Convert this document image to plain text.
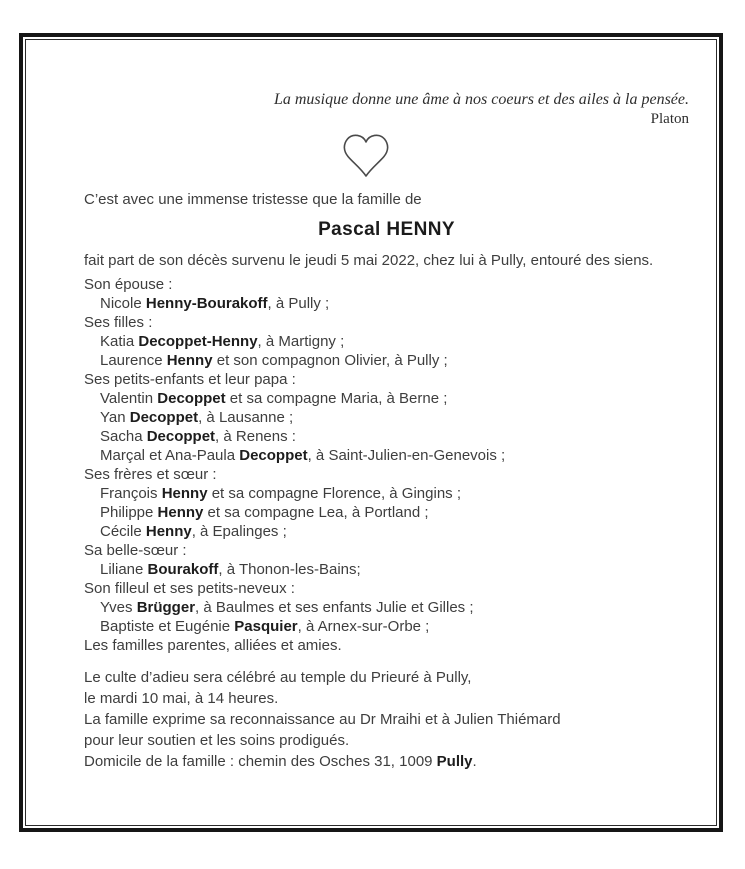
La musique donne une âme à nos coeurs et des ailes à la pensée.
Platon

C’est avec une immense tristesse que la famille de

Pascal HENNY

fait part de son décès survenu le jeudi 5 mai 2022, chez lui à Pully, entouré des siens.

Son épouse :
Nicole Henny-Bourakoff, à Pully ;
Ses filles :
Katia Decoppet-Henny, à Martigny ;
Laurence Henny et son compagnon Olivier, à Pully ;
Ses petits-enfants et leur papa :
Valentin Decoppet et sa compagne Maria, à Berne ;
Yan Decoppet, à Lausanne ;
Sacha Decoppet, à Renens :
Marçal et Ana-Paula Decoppet, à Saint-Julien-en-Genevois ;
Ses frères et sœur :
François Henny et sa compagne Florence, à Gingins ;
Philippe Henny et sa compagne Lea, à Portland ;
Cécile Henny, à Epalinges ;
Sa belle-sœur :
Liliane Bourakoff, à Thonon-les-Bains;
Son filleul et ses petits-neveux :
Yves Brügger, à Baulmes et ses enfants Julie et Gilles ;
Baptiste et Eugénie Pasquier, à Arnex-sur-Orbe ;
Les familles parentes, alliées et amies.
Le culte d’adieu sera célébré au temple du Prieuré à Pully,
le mardi 10 mai, à 14 heures.
La famille exprime sa reconnaissance au Dr Mraihi et à Julien Thiémard
pour leur soutien et les soins prodigués.
Domicile de la famille : chemin des Osches 31, 1009 Pully.
